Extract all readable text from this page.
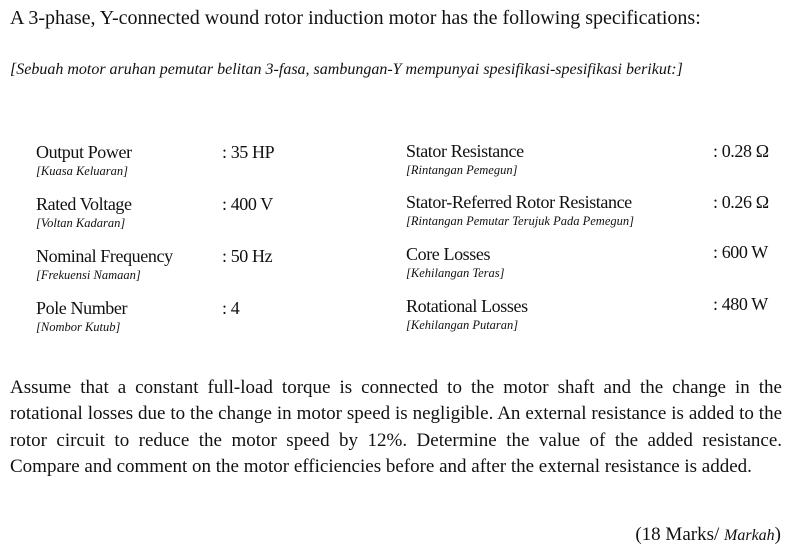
A 3-phase, Y-connected wound rotor induction motor has the following specifications:
[Sebuah motor aruhan pemutar belitan 3-fasa, sambungan-Y mempunyai spesifikasi-spesifikasi berikut:]
Output Power
[Kuasa Keluaran]
: 35 HP
Rated Voltage
[Voltan Kadaran]
: 400 V
Nominal Frequency
[Frekuensi Namaan]
: 50 Hz
Pole Number
[Nombor Kutub]
: 4
Stator Resistance
[Rintangan Pemegun]
: 0.28 Ω
Stator-Referred Rotor Resistance
[Rintangan Pemutar Terujuk Pada Pemegun]
: 0.26 Ω
Core Losses
[Kehilangan Teras]
: 600 W
Rotational Losses
[Kehilangan Putaran]
: 480 W
Assume that a constant full-load torque is connected to the motor shaft and the change in the rotational losses due to the change in motor speed is negligible. An external resistance is added to the rotor circuit to reduce the motor speed by 12%. Determine the value of the added resistance. Compare and comment on the motor efficiencies before and after the external resistance is added.
(18 Marks/ Markah)
